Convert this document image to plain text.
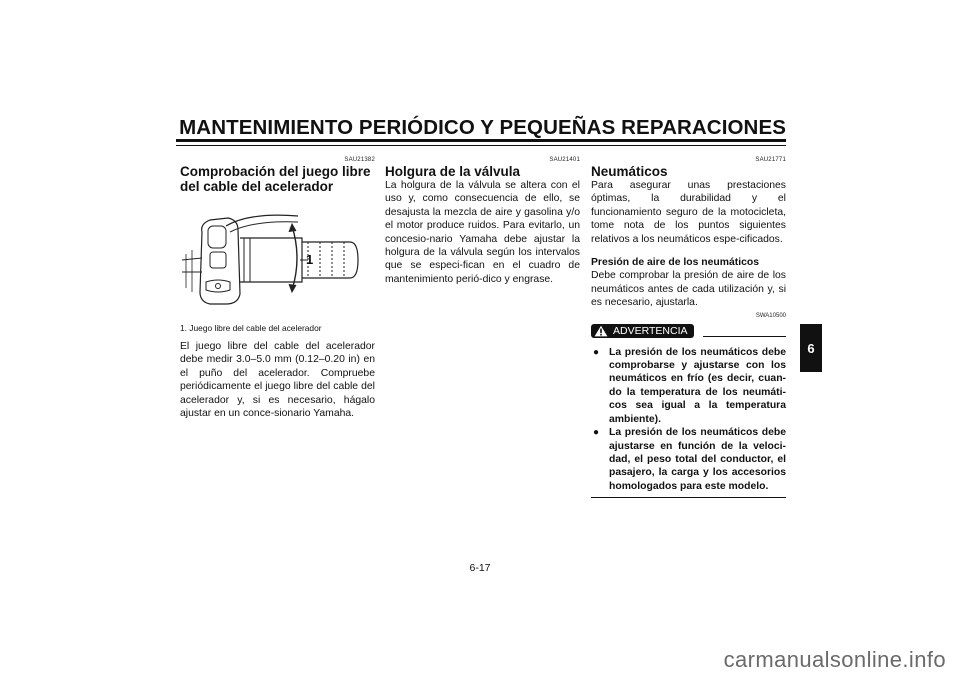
MANTENIMIENTO PERIÓDICO Y PEQUEÑAS REPARACIONES
SAU21382
Comprobación del juego libre del cable del acelerador
1
1. Juego libre del cable del acelerador

El juego libre del cable del acelerador debe medir 3.0–5.0 mm (0.12–0.20 in) en el puño del acelerador. Compruebe periódicamente el juego libre del cable del acelerador y, si es necesario, hágalo ajustar en un conce-sionario Yamaha.

SAU21401
Holgura de la válvula

La holgura de la válvula se altera con el uso y, como consecuencia de ello, se desajusta la mezcla de aire y gasolina y/o el motor produce ruidos. Para evitarlo, un concesio-nario Yamaha debe ajustar la holgura de la válvula según los intervalos que se especi-fican en el cuadro de mantenimiento perió-dico y engrase.

SAU21771
Neumáticos

Para asegurar unas prestaciones óptimas, la durabilidad y el funcionamiento seguro de la motocicleta, tome nota de los puntos siguientes relativos a los neumáticos espe-cificados.

Presión de aire de los neumáticos

Debe comprobar la presión de aire de los neumáticos antes de cada utilización y, si es necesario, ajustarla.

SWA10500
ADVERTENCIA
● La presión de los neumáticos debe comprobarse y ajustarse con los neumáticos en frío (es decir, cuan-do la temperatura de los neumáti-cos sea igual a la temperatura ambiente).
● La presión de los neumáticos debe ajustarse en función de la veloci-dad, el peso total del conductor, el pasajero, la carga y los accesorios homologados para este modelo.
6
6-17
carmanualsonline.info
